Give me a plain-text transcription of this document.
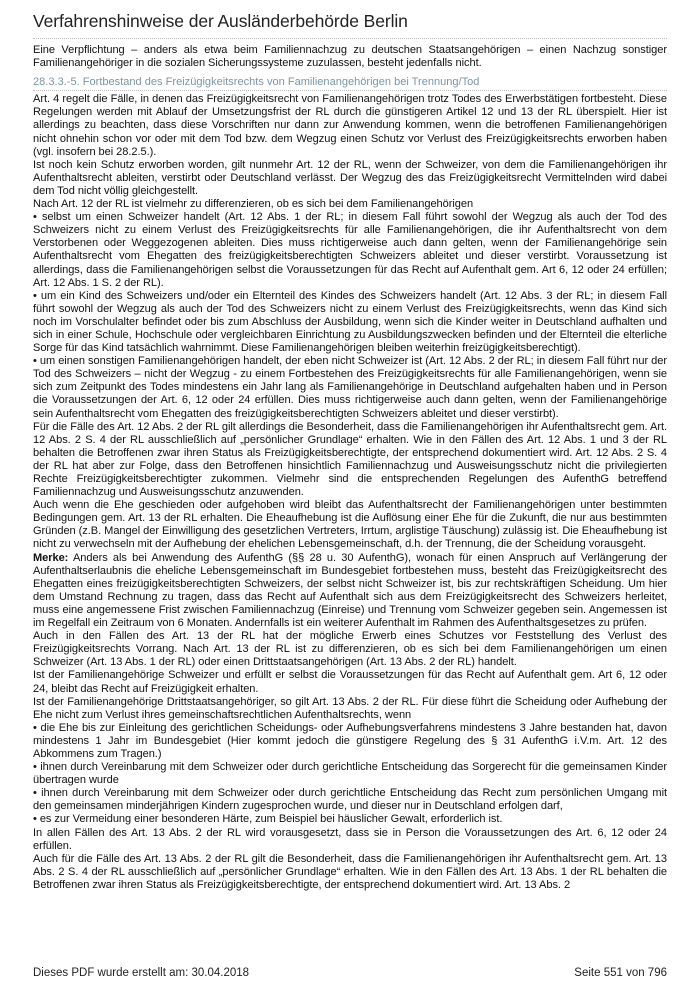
Verfahrenshinweise der Ausländerbehörde Berlin

Eine Verpflichtung – anders als etwa beim Familiennachzug zu deutschen Staatsangehörigen – einen Nachzug sonstiger Familienangehöriger in die sozialen Sicherungssysteme zuzulassen, besteht jedenfalls nicht.

28.3.3.-5. Fortbestand des Freizügigkeitsrechts von Familienangehörigen bei Trennung/Tod

Art. 4 regelt die Fälle, in denen das Freizügigkeitsrecht von Familienangehörigen trotz Todes des Erwerbstätigen fortbesteht. Diese Regelungen werden mit Ablauf der Umsetzungsfrist der RL durch die günstigeren Artikel 12 und 13 der RL überspielt. Hier ist allerdings zu beachten, dass diese Vorschriften nur dann zur Anwendung kommen, wenn die betroffenen Familienangehörigen nicht ohnehin schon vor oder mit dem Tod bzw. dem Wegzug einen Schutz vor Verlust des Freizügigkeitsrechts erworben haben (vgl. insofern bei 28.2.5.).

Ist noch kein Schutz erworben worden, gilt nunmehr Art. 12 der RL, wenn der Schweizer, von dem die Familienangehörigen ihr Aufenthaltsrecht ableiten, verstirbt oder Deutschland verlässt. Der Wegzug des das Freizügigkeitsrecht Vermittelnden wird dabei dem Tod nicht völlig gleichgestellt.

Nach Art. 12 der RL ist vielmehr zu differenzieren, ob es sich bei dem Familienangehörigen

• selbst um einen Schweizer handelt (Art. 12 Abs. 1 der RL; in diesem Fall führt sowohl der Wegzug als auch der Tod des Schweizers nicht zu einem Verlust des Freizügigkeitsrechts für alle Familienangehörigen, die ihr Aufenthaltsrecht von dem Verstorbenen oder Weggezogenen ableiten. Dies muss richtigerweise auch dann gelten, wenn der Familienangehörige sein Aufenthaltsrecht vom Ehegatten des freizügigkeitsberechtigten Schweizers ableitet und dieser verstirbt. Voraussetzung ist allerdings, dass die Familienangehörigen selbst die Voraussetzungen für das Recht auf Aufenthalt gem. Art 6, 12 oder 24 erfüllen; Art. 12 Abs. 1 S. 2 der RL).

• um ein Kind des Schweizers und/oder ein Elternteil des Kindes des Schweizers handelt (Art. 12 Abs. 3 der RL; in diesem Fall führt sowohl der Wegzug als auch der Tod des Schweizers nicht zu einem Verlust des Freizügigkeitsrechts, wenn das Kind sich noch im Vorschulalter befindet oder bis zum Abschluss der Ausbildung, wenn sich die Kinder weiter in Deutschland aufhalten und sich in einer Schule, Hochschule oder vergleichbaren Einrichtung zu Ausbildungszwecken befinden und der Elternteil die elterliche Sorge für das Kind tatsächlich wahrnimmt. Diese Familienangehörigen bleiben weiterhin freizügigkeitsberechtigt).

• um einen sonstigen Familienangehörigen handelt, der eben nicht Schweizer ist (Art. 12 Abs. 2 der RL; in diesem Fall führt nur der Tod des Schweizers – nicht der Wegzug - zu einem Fortbestehen des Freizügigkeitsrechts für alle Familienangehörigen, wenn sie sich zum Zeitpunkt des Todes mindestens ein Jahr lang als Familienangehörige in Deutschland aufgehalten haben und in Person die Voraussetzungen der Art. 6, 12 oder 24 erfüllen. Dies muss richtigerweise auch dann gelten, wenn der Familienangehörige sein Aufenthaltsrecht vom Ehegatten des freizügigkeitsberechtigten Schweizers ableitet und dieser verstirbt).

Für die Fälle des Art. 12 Abs. 2 der RL gilt allerdings die Besonderheit, dass die Familienangehörigen ihr Aufenthaltsrecht gem. Art. 12 Abs. 2 S. 4 der RL ausschließlich auf „persönlicher Grundlage“ erhalten. Wie in den Fällen des Art. 12 Abs. 1 und 3 der RL behalten die Betroffenen zwar ihren Status als Freizügigkeitsberechtigte, der entsprechend dokumentiert wird. Art. 12 Abs. 2 S. 4 der RL hat aber zur Folge, dass den Betroffenen hinsichtlich Familiennachzug und Ausweisungsschutz nicht die privilegierten Rechte Freizügigkeitsberechtigter zukommen. Vielmehr sind die entsprechenden Regelungen des AufenthG betreffend Familiennachzug und Ausweisungsschutz anzuwenden.

Auch wenn die Ehe geschieden oder aufgehoben wird bleibt das Aufenthaltsrecht der Familienangehörigen unter bestimmten Bedingungen gem. Art. 13 der RL erhalten. Die Eheaufhebung ist die Auflösung einer Ehe für die Zukunft, die nur aus bestimmten Gründen (z.B. Mangel der Einwilligung des gesetzlichen Vertreters, Irrtum, arglistige Täuschung) zulässig ist. Die Eheaufhebung ist nicht zu verwechseln mit der Aufhebung der ehelichen Lebensgemeinschaft, d.h. der Trennung, die der Scheidung vorausgeht.

Merke: Anders als bei Anwendung des AufenthG (§§ 28 u. 30 AufenthG), wonach für einen Anspruch auf Verlängerung der Aufenthaltserlaubnis die eheliche Lebensgemeinschaft im Bundesgebiet fortbestehen muss, besteht das Freizügigkeitsrecht des Ehegatten eines freizügigkeitsberechtigten Schweizers, der selbst nicht Schweizer ist, bis zur rechtskräftigen Scheidung. Um hier dem Umstand Rechnung zu tragen, dass das Recht auf Aufenthalt sich aus dem Freizügigkeitsrecht des Schweizers herleitet, muss eine angemessene Frist zwischen Familiennachzug (Einreise) und Trennung vom Schweizer gegeben sein. Angemessen ist im Regelfall ein Zeitraum von 6 Monaten. Andernfalls ist ein weiterer Aufenthalt im Rahmen des Aufenthaltsgesetzes zu prüfen.

Auch in den Fällen des Art. 13 der RL hat der mögliche Erwerb eines Schutzes vor Feststellung des Verlust des Freizügigkeitsrechts Vorrang. Nach Art. 13 der RL ist zu differenzieren, ob es sich bei dem Familienangehörigen um einen Schweizer (Art. 13 Abs. 1 der RL) oder einen Drittstaatsangehörigen (Art. 13 Abs. 2 der RL) handelt.

Ist der Familienangehörige Schweizer und erfüllt er selbst die Voraussetzungen für das Recht auf Aufenthalt gem. Art 6, 12 oder 24, bleibt das Recht auf Freizügigkeit erhalten.

Ist der Familienangehörige Drittstaatsangehöriger, so gilt Art. 13 Abs. 2 der RL. Für diese führt die Scheidung oder Aufhebung der Ehe nicht zum Verlust ihres gemeinschaftsrechtlichen Aufenthaltsrechts, wenn

• die Ehe bis zur Einleitung des gerichtlichen Scheidungs- oder Aufhebungsverfahrens mindestens 3 Jahre bestanden hat, davon mindestens 1 Jahr im Bundesgebiet (Hier kommt jedoch die günstigere Regelung des § 31 AufenthG i.V.m. Art. 12 des Abkommens zum Tragen.)

• ihnen durch Vereinbarung mit dem Schweizer oder durch gerichtliche Entscheidung das Sorgerecht für die gemeinsamen Kinder übertragen wurde

• ihnen durch Vereinbarung mit dem Schweizer oder durch gerichtliche Entscheidung das Recht zum persönlichen Umgang mit den gemeinsamen minderjährigen Kindern zugesprochen wurde, und dieser nur in Deutschland erfolgen darf,

• es zur Vermeidung einer besonderen Härte, zum Beispiel bei häuslicher Gewalt, erforderlich ist.

In allen Fällen des Art. 13 Abs. 2 der RL wird vorausgesetzt, dass sie in Person die Voraussetzungen des Art. 6, 12 oder 24 erfüllen.

Auch für die Fälle des Art. 13 Abs. 2 der RL gilt die Besonderheit, dass die Familienangehörigen ihr Aufenthaltsrecht gem. Art. 13 Abs. 2 S. 4 der RL ausschließlich auf „persönlicher Grundlage“ erhalten. Wie in den Fällen des Art. 13 Abs. 1 der RL behalten die Betroffenen zwar ihren Status als Freizügigkeitsberechtigte, der entsprechend dokumentiert wird. Art. 13 Abs. 2

Dieses PDF wurde erstellt am: 30.04.2018	Seite 551 von 796
